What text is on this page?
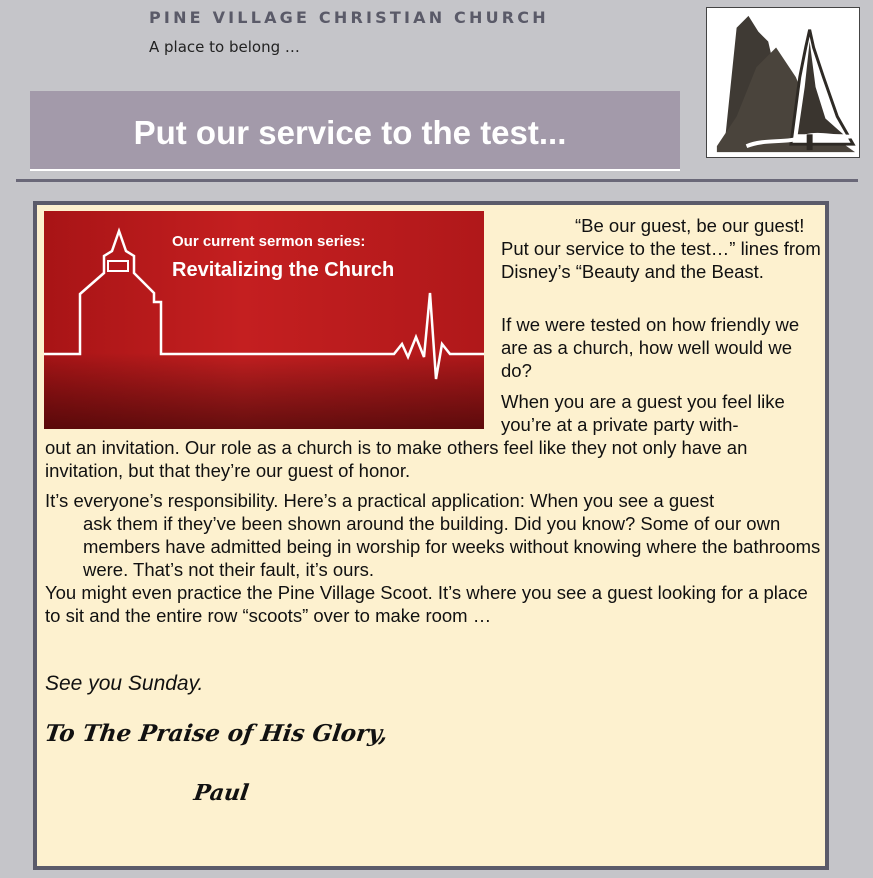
PINE VILLAGE CHRISTIAN CHURCH
A place to belong …
Put our service to the test...
Our current sermon series:
Revitalizing the Church

“Be our guest, be our guest! Put our service to the test…” lines from Disney’s “Beauty and the Beast.

If we were tested on how friendly we are as a church, how well would we do?

When you are a guest you feel like you’re at a private party with-

out an invitation. Our role as a church is to make others feel like they not only have an invitation, but that they’re our guest of honor.

It’s everyone’s responsibility. Here’s a practical application: When you see a guest

ask them if they’ve been shown around the building. Did you know? Some of our own members have admitted being in worship for weeks without knowing where the bathrooms were. That’s not their fault, it’s ours.

You might even practice the Pine Village Scoot. It’s where you see a guest looking for a place to sit and the entire row “scoots” over to make room …

See you Sunday.
To The Praise of His Glory,
Paul
